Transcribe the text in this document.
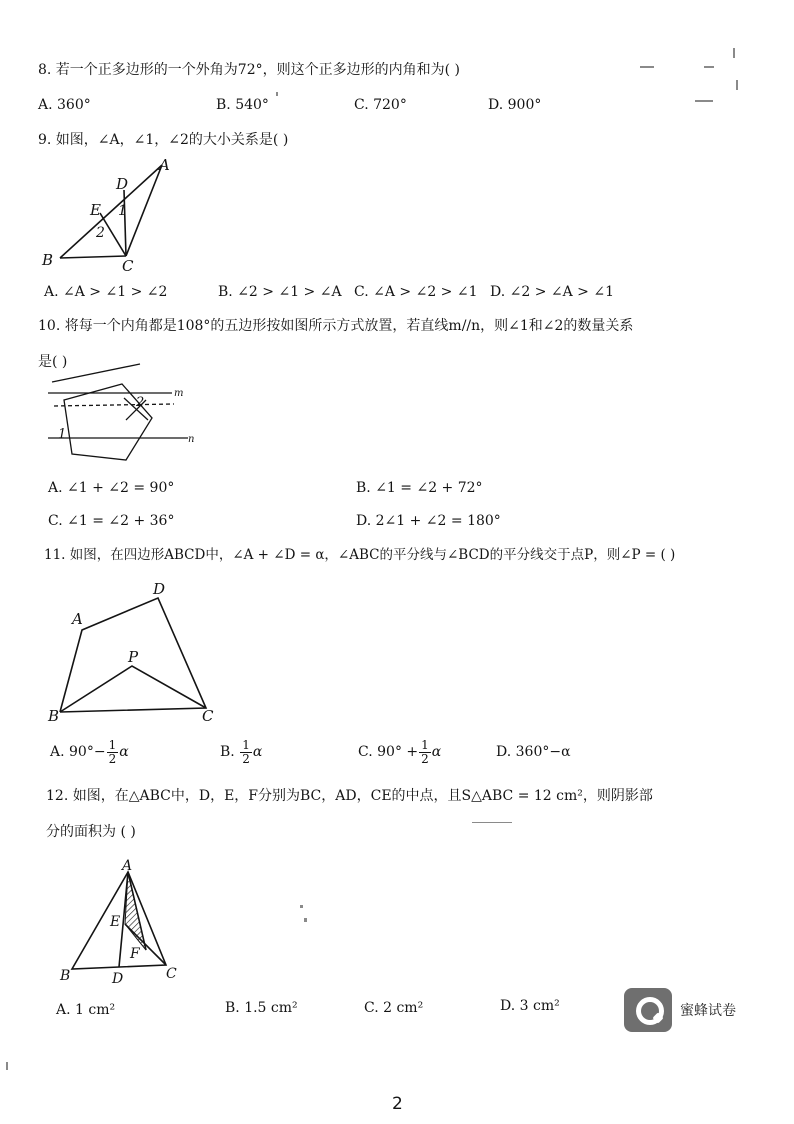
8. 若一个正多边形的一个外角为72°，则这个正多边形的内角和为( )
A. 360°	B. 540°	C. 720°	D. 900°
9. 如图，∠A，∠1，∠2的大小关系是( )
B	C
A
D
E 1
2
A. ∠A > ∠1 > ∠2	B. ∠2 > ∠1 > ∠A C. ∠A > ∠2 > ∠1 D. ∠2 > ∠A > ∠1
10. 将每一个内角都是108°的五边形按如图所示方式放置，若直线m//n，则∠1和∠2的数量关系
是( )
m
n
2
1
A. ∠1 + ∠2 = 90°	B. ∠1 = ∠2 + 72°
C. ∠1 = ∠2 + 36°	D. 2∠1 + ∠2 = 180°
11. 如图，在四边形ABCD中，∠A + ∠D = α，∠ABC的平分线与∠BCD的平分线交于点P，则∠P = ( )
A
D
P
B	C
A. $90^\circ- \frac{1}{2}$ α	B. $\frac{1}{2}$ α	C. $90^\circ + \frac{1}{2}$ α	D. 360°−α
12. 如图，在△ABC中，D，E，F分别为BC，AD，CE的中点，且S△ABC = 12 cm²，则阴影部
分的面积为 ( )
A
E
F
B	D	C
A. 1 cm²	B. 1.5 cm²	C. 2 cm²	D. 3 cm²	蜜蜂试卷
2
